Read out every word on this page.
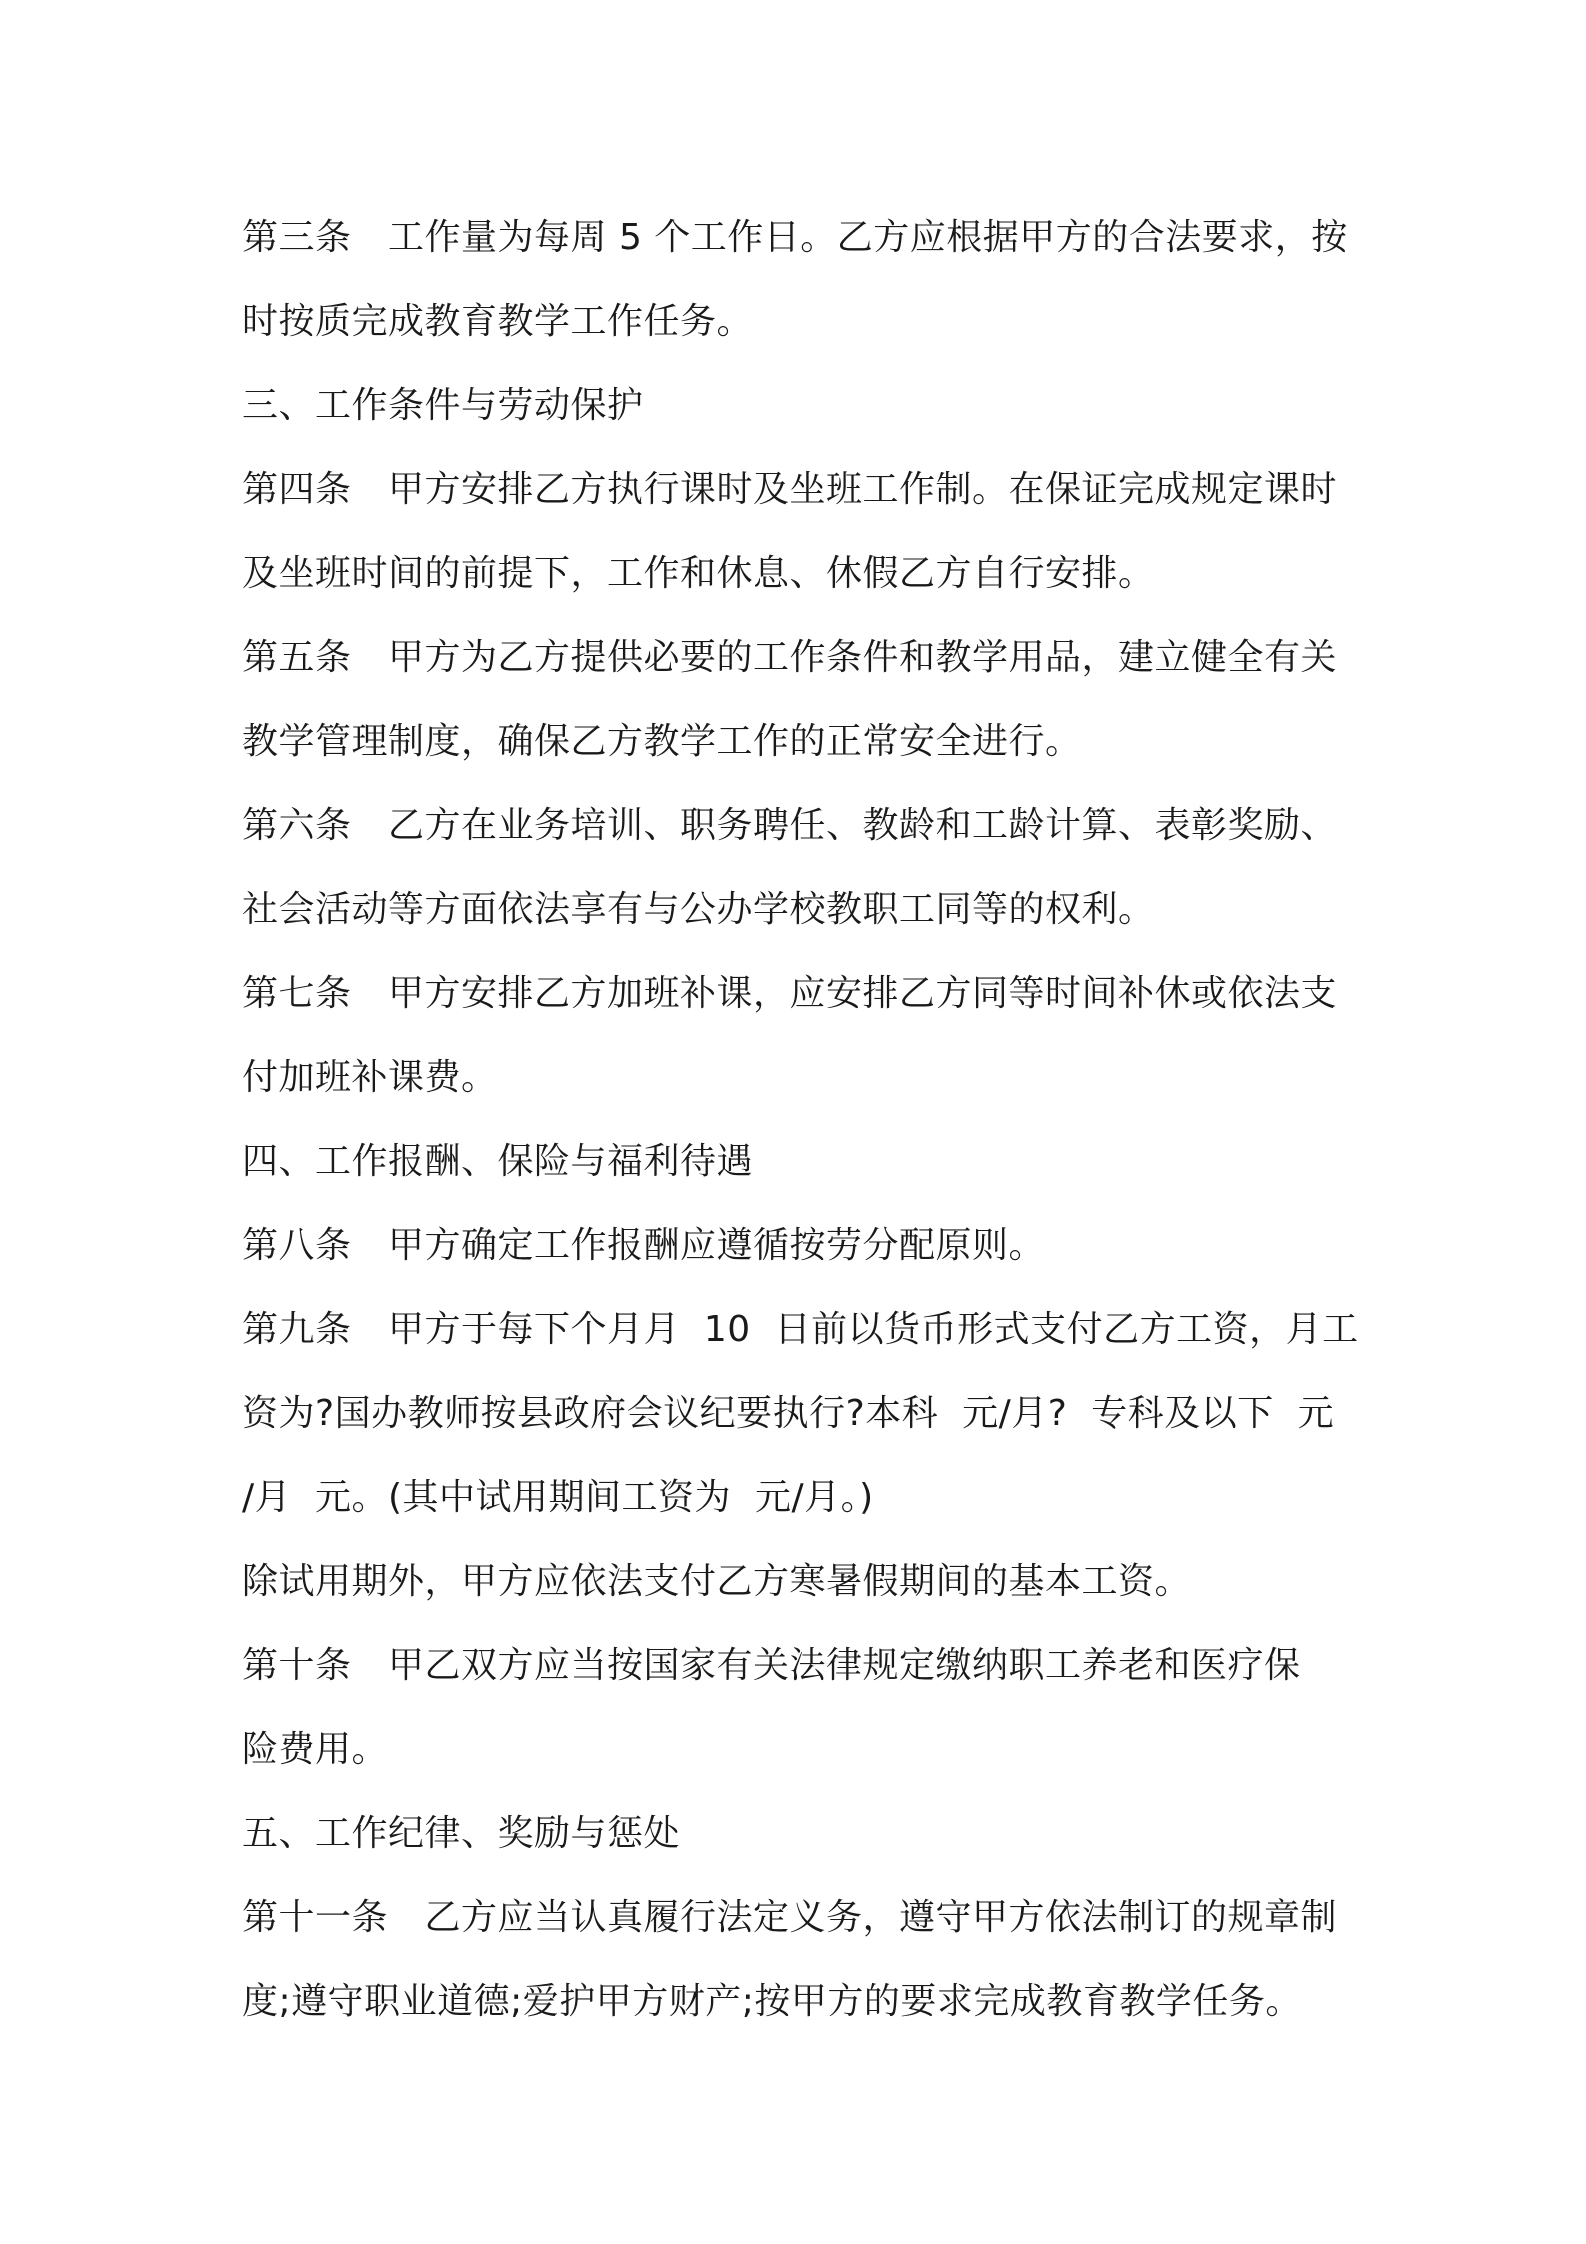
第三条　工作量为每周 5 个工作日。乙方应根据甲方的合法要求，按
时按质完成教育教学工作任务。
三、工作条件与劳动保护
第四条　甲方安排乙方执行课时及坐班工作制。在保证完成规定课时
及坐班时间的前提下，工作和休息、休假乙方自行安排。
第五条　甲方为乙方提供必要的工作条件和教学用品，建立健全有关
教学管理制度，确保乙方教学工作的正常安全进行。
第六条　乙方在业务培训、职务聘任、教龄和工龄计算、表彰奖励、
社会活动等方面依法享有与公办学校教职工同等的权利。
第七条　甲方安排乙方加班补课，应安排乙方同等时间补休或依法支
付加班补课费。
四、工作报酬、保险与福利待遇
第八条　甲方确定工作报酬应遵循按劳分配原则。
第九条　甲方于每下个月月  10  日前以货币形式支付乙方工资，月工
资为?国办教师按县政府会议纪要执行?本科  元/月?  专科及以下  元
/月  元。(其中试用期间工资为  元/月。)
除试用期外，甲方应依法支付乙方寒暑假期间的基本工资。
第十条　甲乙双方应当按国家有关法律规定缴纳职工养老和医疗保
险费用。
五、工作纪律、奖励与惩处
第十一条　乙方应当认真履行法定义务，遵守甲方依法制订的规章制
度;遵守职业道德;爱护甲方财产;按甲方的要求完成教育教学任务。
